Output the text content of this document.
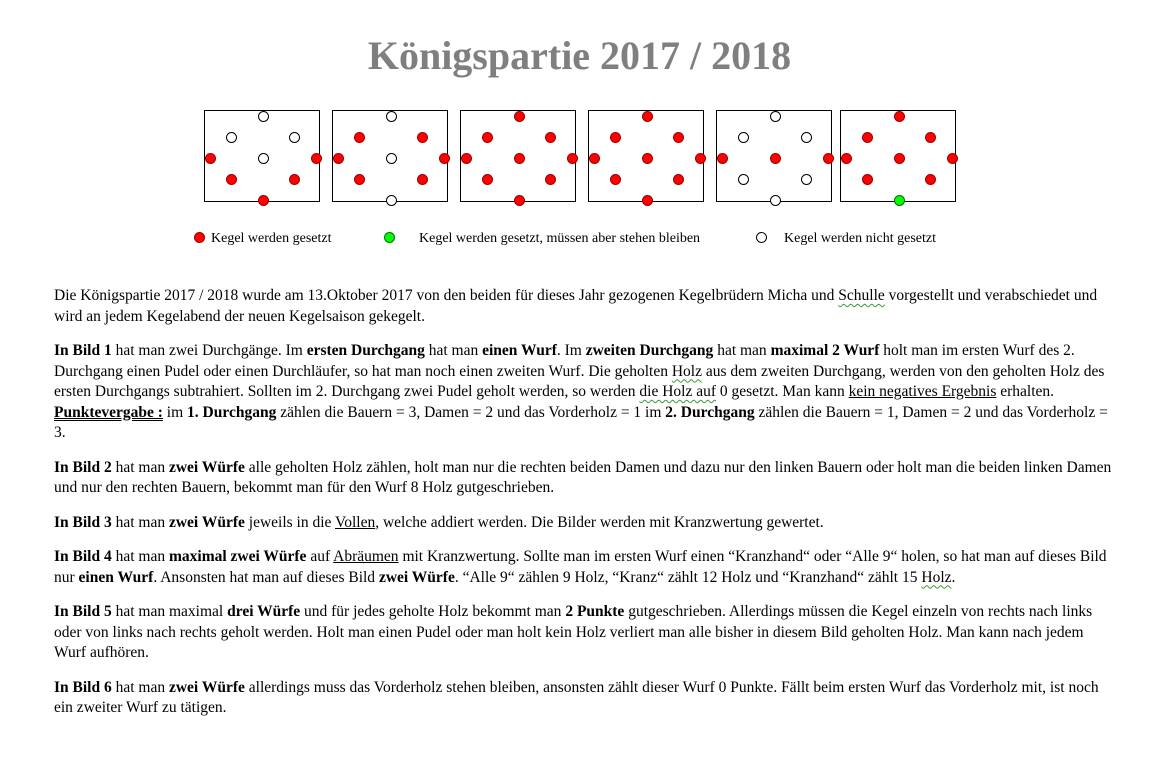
Königspartie 2017 / 2018
Kegel werden gesetzt	Kegel werden gesetzt, müssen aber stehen bleiben	Kegel werden nicht gesetzt

Die Königspartie 2017 / 2018 wurde am 13.Oktober 2017 von den beiden für dieses Jahr gezogenen Kegelbrüdern Micha und Schulle vorgestellt und verabschiedet und wird an jedem Kegelabend der neuen Kegelsaison gekegelt.

In Bild 1 hat man zwei Durchgänge. Im ersten Durchgang hat man einen Wurf. Im zweiten Durchgang hat man maximal 2 Wurf holt man im ersten Wurf des 2. Durchgang einen Pudel oder einen Durchläufer, so hat man noch einen zweiten Wurf. Die geholten Holz aus dem zweiten Durchgang, werden von den geholten Holz des ersten Durchgangs subtrahiert. Sollten im 2. Durchgang zwei Pudel geholt werden, so werden die Holz auf 0 gesetzt. Man kann kein negatives Ergebnis erhalten. Punktevergabe : im 1. Durchgang zählen die Bauern = 3, Damen = 2 und das Vorderholz = 1 im 2. Durchgang zählen die Bauern = 1, Damen = 2 und das Vorderholz = 3.

In Bild 2 hat man zwei Würfe alle geholten Holz zählen, holt man nur die rechten beiden Damen und dazu nur den linken Bauern oder holt man die beiden linken Damen und nur den rechten Bauern, bekommt man für den Wurf 8 Holz gutgeschrieben.

In Bild 3 hat man zwei Würfe jeweils in die Vollen, welche addiert werden. Die Bilder werden mit Kranzwertung gewertet.

In Bild 4 hat man maximal zwei Würfe auf Abräumen mit Kranzwertung. Sollte man im ersten Wurf einen “Kranzhand“ oder “Alle 9“ holen, so hat man auf dieses Bild nur einen Wurf. Ansonsten hat man auf dieses Bild zwei Würfe. “Alle 9“ zählen 9 Holz, “Kranz“ zählt 12 Holz und “Kranzhand“ zählt 15 Holz.

In Bild 5 hat man maximal drei Würfe und für jedes geholte Holz bekommt man 2 Punkte gutgeschrieben. Allerdings müssen die Kegel einzeln von rechts nach links oder von links nach rechts geholt werden. Holt man einen Pudel oder man holt kein Holz verliert man alle bisher in diesem Bild geholten Holz. Man kann nach jedem Wurf aufhören.

In Bild 6 hat man zwei Würfe allerdings muss das Vorderholz stehen bleiben, ansonsten zählt dieser Wurf 0 Punkte. Fällt beim ersten Wurf das Vorderholz mit, ist noch ein zweiter Wurf zu tätigen.
